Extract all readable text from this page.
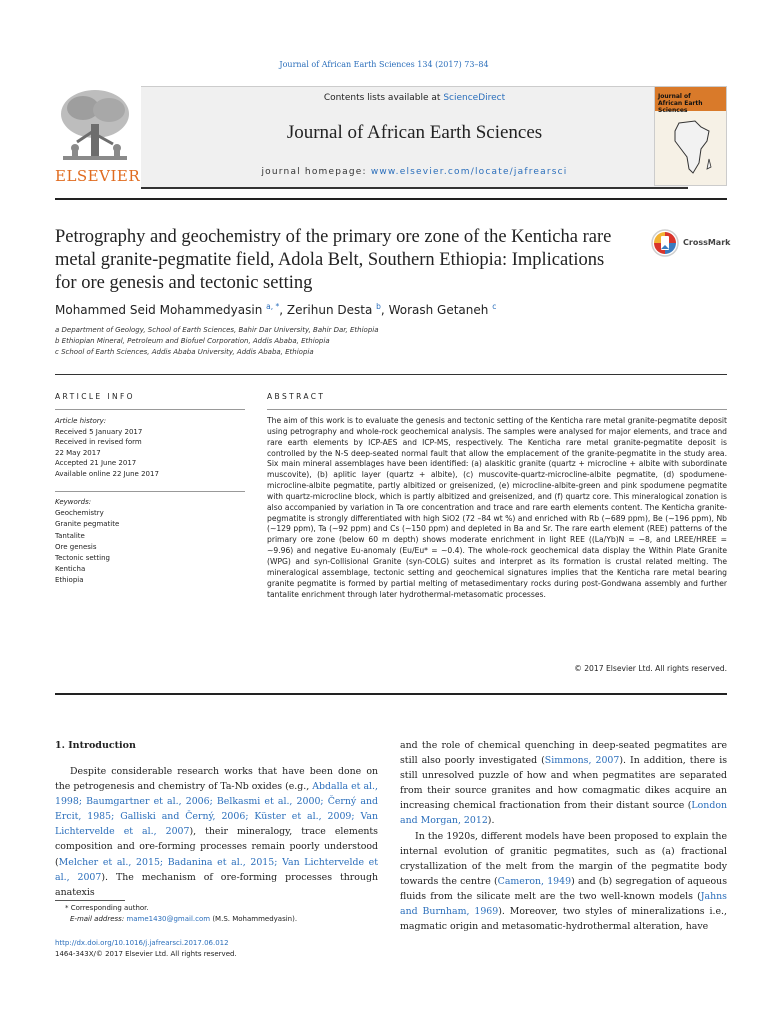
Journal of African Earth Sciences 134 (2017) 73–84
ELSEVIER
Contents lists available at ScienceDirect
Journal of African Earth Sciences
journal homepage: www.elsevier.com/locate/jafrearsci
Journal of African Earth Sciences
Petrography and geochemistry of the primary ore zone of the Kenticha rare metal granite-pegmatite field, Adola Belt, Southern Ethiopia: Implications for ore genesis and tectonic setting
CrossMark
Mohammed Seid Mohammedyasin $^{a, *}$, Zerihun Desta $^b$, Worash Getaneh $^c$
a Department of Geology, School of Earth Sciences, Bahir Dar University, Bahir Dar, Ethiopia
b Ethiopian Mineral, Petroleum and Biofuel Corporation, Addis Ababa, Ethiopia
c School of Earth Sciences, Addis Ababa University, Addis Ababa, Ethiopia
ARTICLE INFO
Article history:
Received 5 January 2017
Received in revised form
22 May 2017
Accepted 21 June 2017
Available online 22 June 2017
Keywords:
Geochemistry
Granite pegmatite
Tantalite
Ore genesis
Tectonic setting
Kenticha
Ethiopia
ABSTRACT
The aim of this work is to evaluate the genesis and tectonic setting of the Kenticha rare metal granite-pegmatite deposit using petrography and whole-rock geochemical analysis. The samples were analysed for major elements, and trace and rare earth elements by ICP-AES and ICP-MS, respectively. The Kenticha rare metal granite-pegmatite deposit is controlled by the N-S deep-seated normal fault that allow the emplacement of the granite-pegmatite in the study area. Six main mineral assemblages have been identified: (a) alaskitic granite (quartz + microcline + albite with subordinate muscovite), (b) aplitic layer (quartz + albite), (c) muscovite-quartz-microcline-albite pegmatite, (d) spodumene-microcline-albite pegmatite, partly albitized or greisenized, (e) microcline-albite-green and pink spodumene pegmatite with quartz-microcline block, which is partly albitized and greisenized, and (f) quartz core. This mineralogical zonation is also accompanied by variation in Ta ore concentration and trace and rare earth elements content. The Kenticha granite-pegmatite is strongly differentiated with high SiO2 (72 –84 wt %) and enriched with Rb (~689 ppm), Be (~196 ppm), Nb (~129 ppm), Ta (~92 ppm) and Cs (~150 ppm) and depleted in Ba and Sr. The rare earth element (REE) patterns of the primary ore zone (below 60 m depth) shows moderate enrichment in light REE ((La/Yb)N = ~8, and LREE/HREE = ~9.96) and negative Eu-anomaly (Eu/Eu* = ~0.4). The whole-rock geochemical data display the Within Plate Granite (WPG) and syn-Collisional Granite (syn-COLG) suites and interpret as its formation is crustal related melting. The mineralogical assemblage, tectonic setting and geochemical signatures implies that the Kenticha rare metal bearing granite pegmatite is formed by partial melting of metasedimentary rocks during post-Gondwana assembly and further tantalite enrichment through later hydrothermal-metasomatic processes.
© 2017 Elsevier Ltd. All rights reserved.
1. Introduction
Despite considerable research works that have been done on the petrogenesis and chemistry of Ta-Nb oxides (e.g., Abdalla et al., 1998; Baumgartner et al., 2006; Belkasmi et al., 2000; Černý and Ercit, 1985; Galliski and Černý, 2006; Küster et al., 2009; Van Lichtervelde et al., 2007), their mineralogy, trace elements composition and ore-forming processes remain poorly understood (Melcher et al., 2015; Badanina et al., 2015; Van Lichtervelde et al., 2007). The mechanism of ore-forming processes through anatexis
and the role of chemical quenching in deep-seated pegmatites are still also poorly investigated (Simmons, 2007). In addition, there is still unresolved puzzle of how and when pegmatites are separated from their source granites and how comagmatic dikes acquire an increasing chemical fractionation from their distant source (London and Morgan, 2012).
In the 1920s, different models have been proposed to explain the internal evolution of granitic pegmatites, such as (a) fractional crystallization of the melt from the margin of the pegmatite body towards the centre (Cameron, 1949) and (b) segregation of aqueous fluids from the silicate melt are the two well-known models (Jahns and Burnham, 1969). Moreover, two styles of mineralizations i.e., magmatic origin and metasomatic-hydrothermal alteration, have
* Corresponding author.
E-mail address: mame1430@gmail.com (M.S. Mohammedyasin).
http://dx.doi.org/10.1016/j.jafrearsci.2017.06.012
1464-343X/© 2017 Elsevier Ltd. All rights reserved.
